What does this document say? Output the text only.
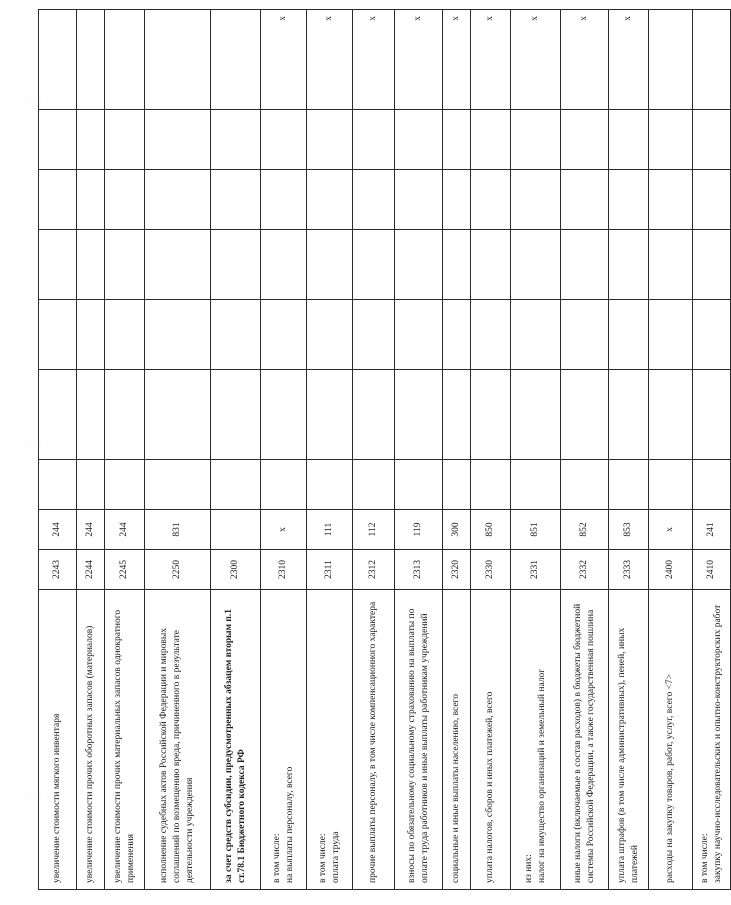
· · ·
· · ·
· · · увеличение стоимости мягкого инвентаря	2243	244							
увеличение стоимости прочих оборотных запасов (материалов)	2244	244							
увеличение стоимости прочих материальных запасов однократного применения	2245	244							
исполнение судебных актов Российской Федерации и мировых соглашений по возмещению вреда, причиненного в результате деятельности учреждения	2250	831							
за счет средств субсидии, предусмотренных абзацем вторым п.1 ст.78.1 Бюджетного кодекса РФ	2300								

в том числе: на выплаты персоналу, всего	2310	x							x

в том числе: оплата труда	2311	111							x
прочие выплаты персоналу, в том числе компенсационного характера	2312	112							x
взносы по обязательному социальному страхованию на выплаты по оплате труда работников и иные выплаты работникам учреждений	2313	119							x
социальные и иные выплаты населению, всего	2320	300							x
уплата налогов, сборов и иных платежей, всего	2330	850							x

из них: налог на имущество организаций и земельный налог	2331	851							x
иные налоги (включаемые в состав расходов) в бюджеты бюджетной системы Российской Федерации, а также государственная пошлина	2332	852							x
уплата штрафов (в том числе административных), пеней, иных платежей	2333	853							x
расходы на закупку товаров, работ, услуг, всего <7>	2400	x							

в том числе: закупку научно-исследовательских и опытно-конструкторских работ	2410	241							
